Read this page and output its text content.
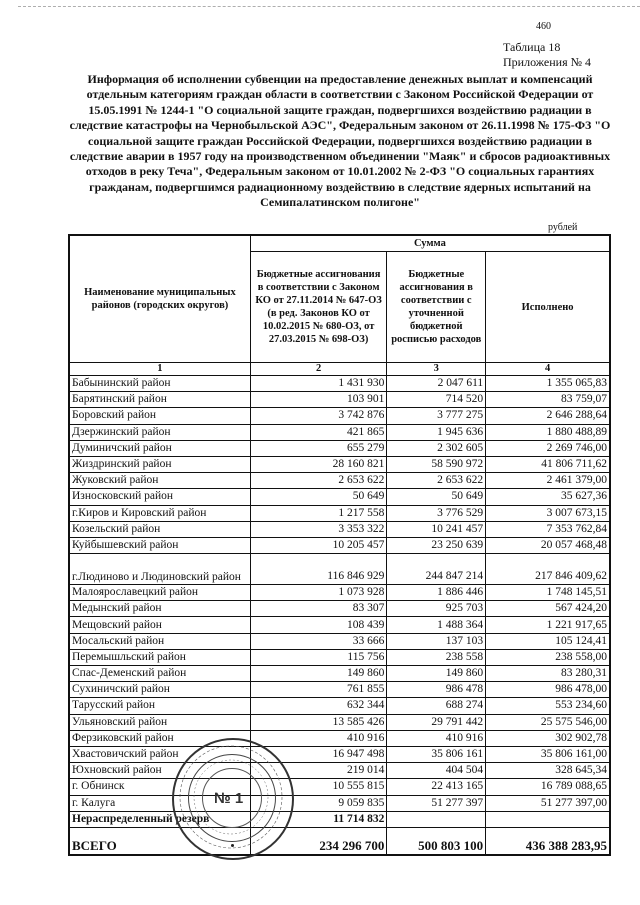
460
Таблица 18
Приложения № 4
Информация об исполнении субвенции на предоставление денежных выплат и компенсаций отдельным категориям граждан области в соответствии с Законом Российской Федерации от 15.05.1991 № 1244-1 "О социальной защите граждан, подвергшихся воздействию радиации в следствие катастрофы на Чернобыльской АЭС", Федеральным законом от 26.11.1998 № 175-ФЗ "О социальной защите граждан Российской Федерации, подвергшихся воздействию радиации в следствие аварии в 1957 году на производственном объединении "Маяк" и сбросов радиоактивных отходов в реку Теча", Федеральным законом от 10.01.2002 № 2-ФЗ "О социальных гарантиях гражданам, подвергшимся радиационному воздействию в следствие ядерных испытаний на Семипалатинском полигоне"
рублей
Наименование муниципальных районов (городских округов)	Сумма		
	Бюджетные ассигнования в соответствии с Законом КО от 27.11.2014 № 647-ОЗ (в ред. Законов КО от 10.02.2015 № 680-ОЗ, от 27.03.2015 № 698-ОЗ)	Бюджетные ассигнования в соответствии с уточненной бюджетной росписью расходов	Исполнено
1	2	3	4
Бабынинский район	1 431 930	2 047 611	1 355 065,83
Барятинский район	103 901	714 520	83 759,07
Боровский район	3 742 876	3 777 275	2 646 288,64
Дзержинский район	421 865	1 945 636	1 880 488,89
Думиничский район	655 279	2 302 605	2 269 746,00
Жиздринский район	28 160 821	58 590 972	41 806 711,62
Жуковский район	2 653 622	2 653 622	2 461 379,00
Износковский район	50 649	50 649	35 627,36
г.Киров и Кировский район	1 217 558	3 776 529	3 007 673,15
Козельский район	3 353 322	10 241 457	7 353 762,84
Куйбышевский район	10 205 457	23 250 639	20 057 468,48
г.Людиново и Людиновский район	116 846 929	244 847 214	217 846 409,62
Малоярославецкий район	1 073 928	1 886 446	1 748 145,51
Медынский район	83 307	925 703	567 424,20
Мещовский район	108 439	1 488 364	1 221 917,65
Мосальский район	33 666	137 103	105 124,41
Перемышльский район	115 756	238 558	238 558,00
Спас-Деменский район	149 860	149 860	83 280,31
Сухиничский район	761 855	986 478	986 478,00
Тарусский район	632 344	688 274	553 234,60
Ульяновский район	13 585 426	29 791 442	25 575 546,00
Ферзиковский район	410 916	410 916	302 902,78
Хвастовичский район	16 947 498	35 806 161	35 806 161,00
Юхновский район	219 014	404 504	328 645,34
г. Обнинск	10 555 815	22 413 165	16 789 088,65
г. Калуга	9 059 835	51 277 397	51 277 397,00
Нераспределенный резерв	11 714 832		
ВСЕГО	234 296 700	500 803 100	436 388 283,95
№ 1
